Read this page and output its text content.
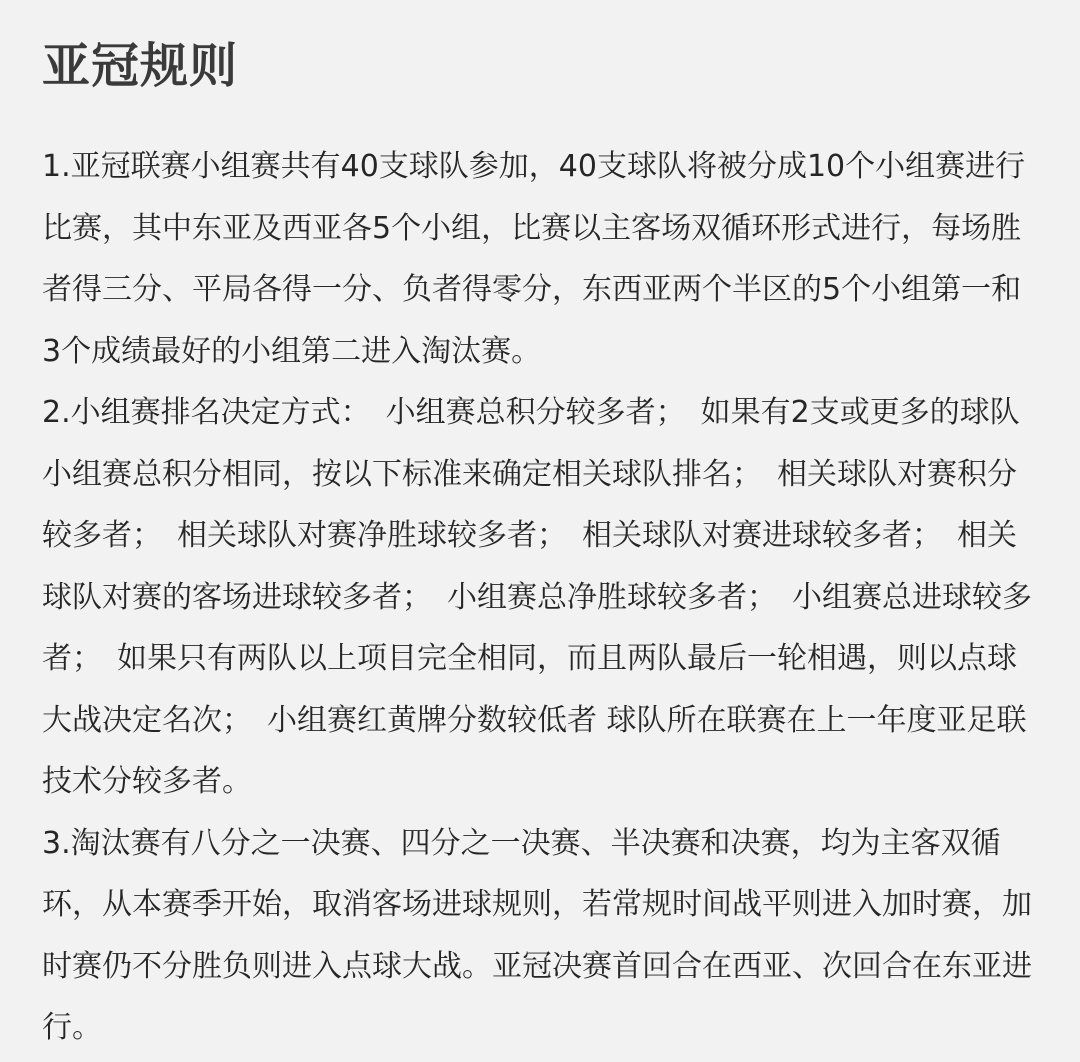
亚冠规则

1.亚冠联赛小组赛共有40支球队参加，40支球队将被分成10个小组赛进行比赛，其中东亚及西亚各5个小组，比赛以主客场双循环形式进行，每场胜者得三分、平局各得一分、负者得零分，东西亚两个半区的5个小组第一和3个成绩最好的小组第二进入淘汰赛。

2.小组赛排名决定方式：　小组赛总积分较多者；　如果有2支或更多的球队小组赛总积分相同，按以下标准来确定相关球队排名；　相关球队对赛积分较多者；　相关球队对赛净胜球较多者；　相关球队对赛进球较多者；　相关球队对赛的客场进球较多者；　小组赛总净胜球较多者；　小组赛总进球较多者；　如果只有两队以上项目完全相同，而且两队最后一轮相遇，则以点球大战决定名次；　小组赛红黄牌分数较低者 球队所在联赛在上一年度亚足联技术分较多者。

3.淘汰赛有八分之一决赛、四分之一决赛、半决赛和决赛，均为主客双循环，从本赛季开始，取消客场进球规则，若常规时间战平则进入加时赛，加时赛仍不分胜负则进入点球大战。亚冠决赛首回合在西亚、次回合在东亚进行。
